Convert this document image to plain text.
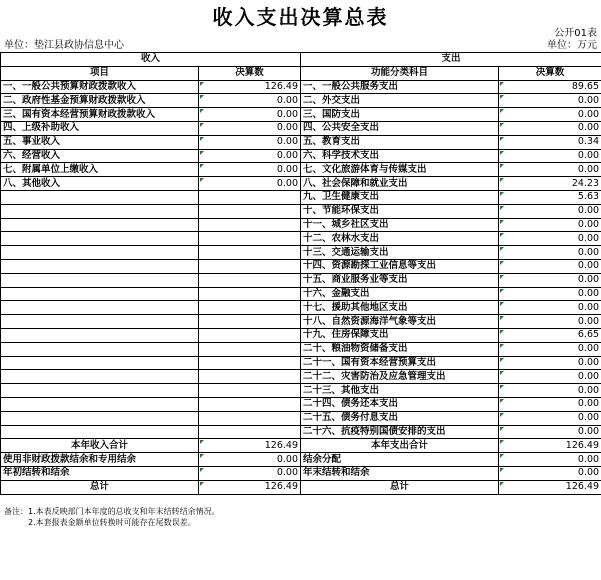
收入支出决算总表
公开01表
单位：垫江县政协信息中心	单位：万元
收入		支出	
项目	决算数	功能分类科目	决算数
一、一般公共预算财政拨款收入	126.49	一、一般公共服务支出	89.65
二、政府性基金预算财政拨款收入	0.00	二、外交支出	0.00
三、国有资本经营预算财政拨款收入	0.00	三、国防支出	0.00
四、上级补助收入	0.00	四、公共安全支出	0.00
五、事业收入	0.00	五、教育支出	0.34
六、经营收入	0.00	六、科学技术支出	0.00
七、附属单位上缴收入	0.00	七、文化旅游体育与传媒支出	0.00
八、其他收入	0.00	八、社会保障和就业支出	24.23
		九、卫生健康支出	5.63
		十、节能环保支出	0.00
		十一、城乡社区支出	0.00
		十二、农林水支出	0.00
		十三、交通运输支出	0.00
		十四、资源勘探工业信息等支出	0.00
		十五、商业服务业等支出	0.00
		十六、金融支出	0.00
		十七、援助其他地区支出	0.00
		十八、自然资源海洋气象等支出	0.00
		十九、住房保障支出	6.65
		二十、粮油物资储备支出	0.00
		二十一、国有资本经营预算支出	0.00
		二十二、灾害防治及应急管理支出	0.00
		二十三、其他支出	0.00
		二十四、债务还本支出	0.00
		二十五、债务付息支出	0.00
		二十六、抗疫特别国债安排的支出	0.00
本年收入合计	126.49	本年支出合计	126.49
使用非财政拨款结余和专用结余	0.00	结余分配	0.00
年初结转和结余	0.00	年末结转和结余	0.00
总计	126.49	总计	126.49
备注：1.本表反映部门本年度的总收支和年末结转结余情况。
2.本套报表金额单位转换时可能存在尾数误差。
